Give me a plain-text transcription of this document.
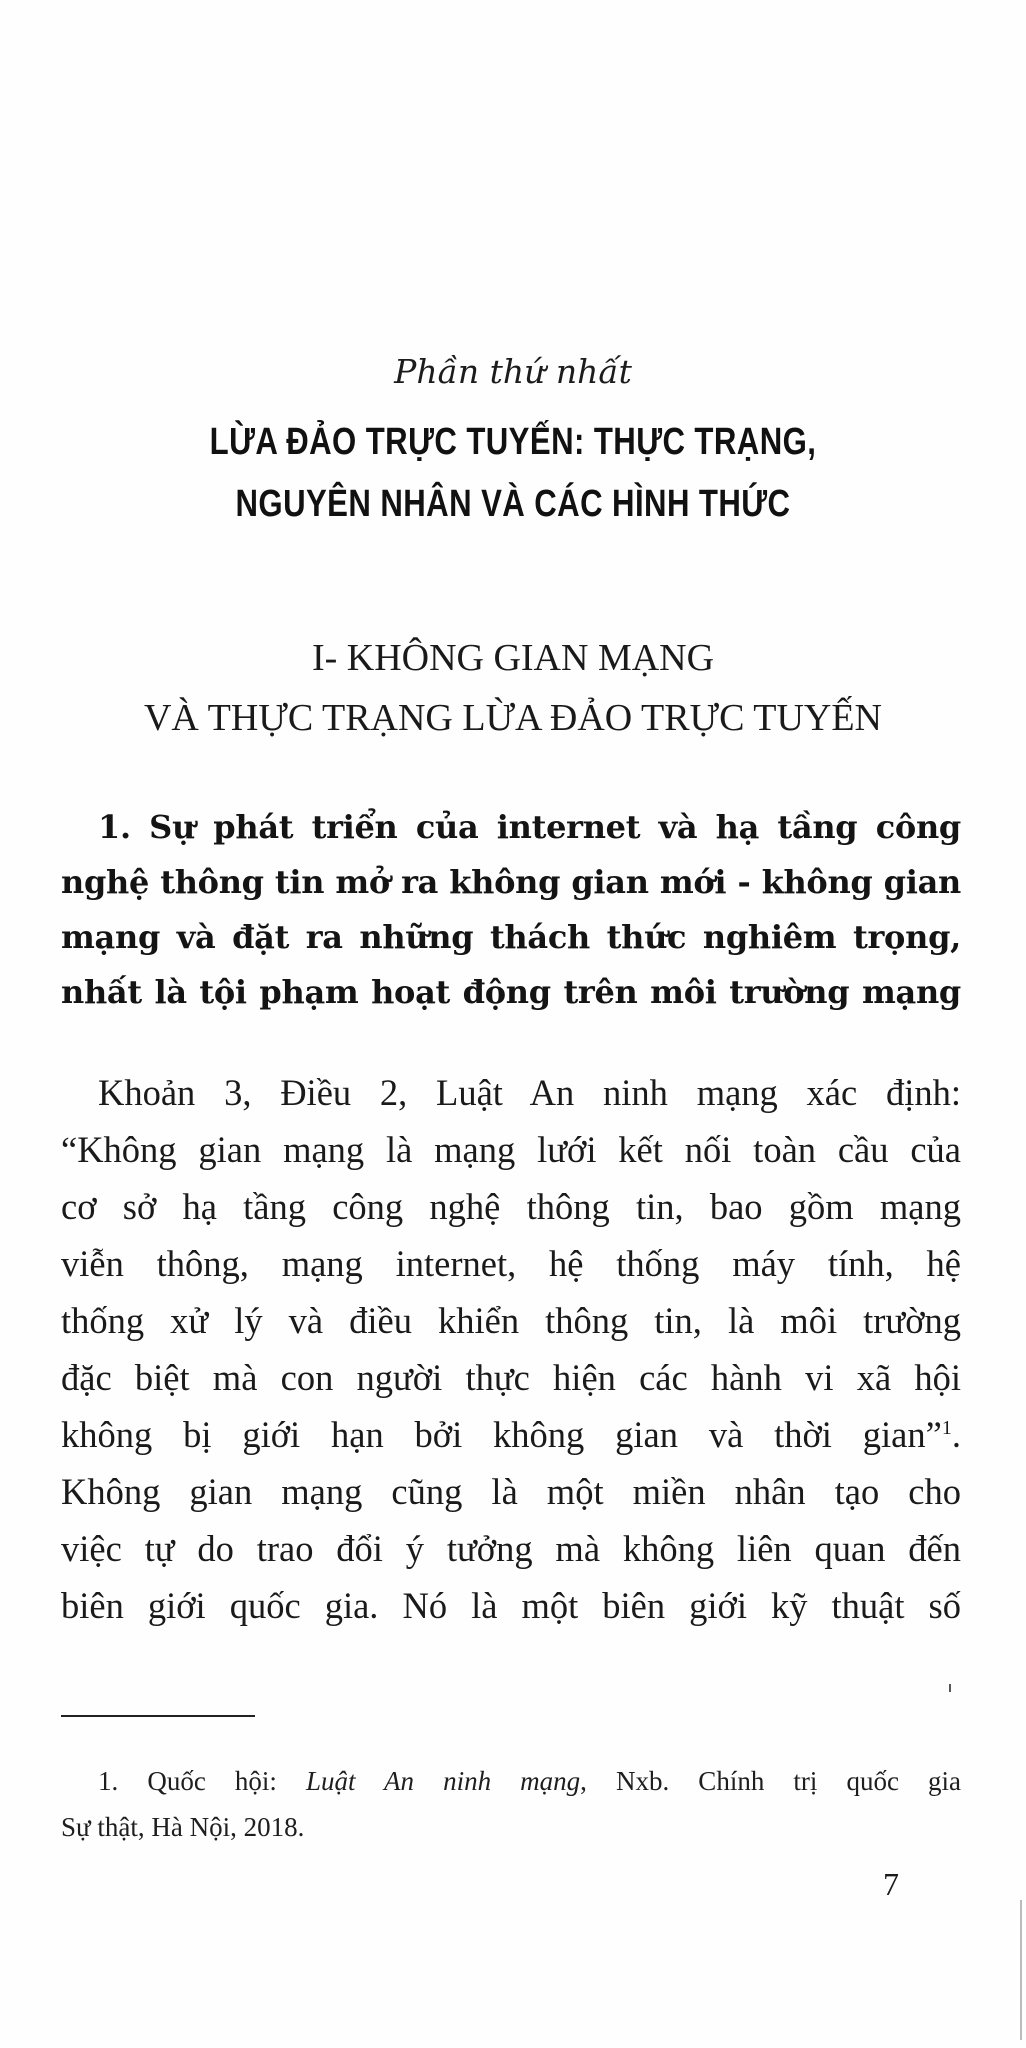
Phần thứ nhất
LỪA ĐẢO TRỰC TUYẾN: THỰC TRẠNG,
NGUYÊN NHÂN VÀ CÁC HÌNH THỨC
I- KHÔNG GIAN MẠNG
VÀ THỰC TRẠNG LỪA ĐẢO TRỰC TUYẾN
1. Sự phát triển của internet và hạ tầng công
nghệ thông tin mở ra không gian mới - không gian
mạng và đặt ra những thách thức nghiêm trọng,
nhất là tội phạm hoạt động trên môi trường mạng
Khoản 3, Điều 2, Luật An ninh mạng xác định:
“Không gian mạng là mạng lưới kết nối toàn cầu của
cơ sở hạ tầng công nghệ thông tin, bao gồm mạng
viễn thông, mạng internet, hệ thống máy tính, hệ
thống xử lý và điều khiển thông tin, là môi trường
đặc biệt mà con người thực hiện các hành vi xã hội
không bị giới hạn bởi không gian và thời gian”$^1$.
Không gian mạng cũng là một miền nhân tạo cho
việc tự do trao đổi ý tưởng mà không liên quan đến
biên giới quốc gia. Nó là một biên giới kỹ thuật số
1. Quốc hội: Luật An ninh mạng, Nxb. Chính trị quốc gia
Sự thật, Hà Nội, 2018.
7
